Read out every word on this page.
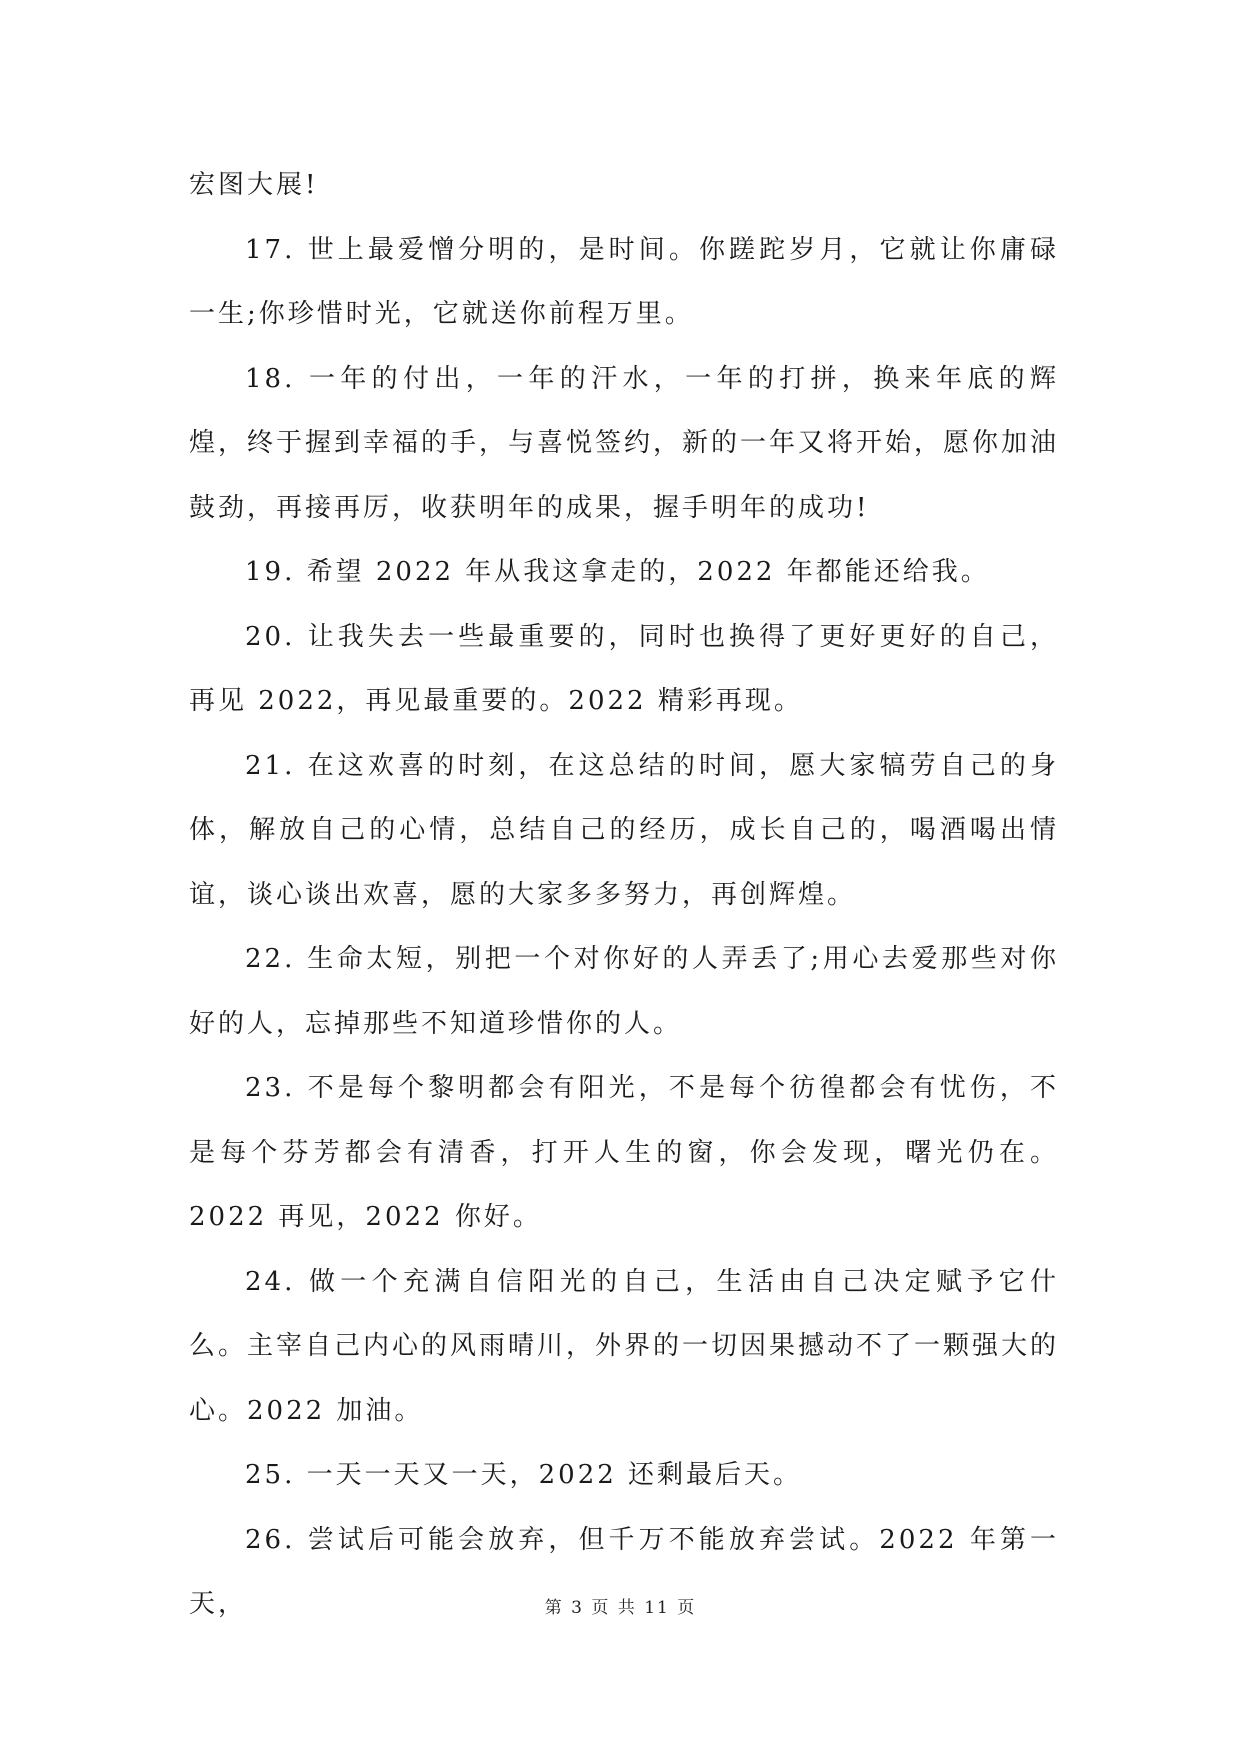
宏图大展!

17. 世上最爱憎分明的，是时间。你蹉跎岁月，它就让你庸碌一生;你珍惜时光，它就送你前程万里。

18. 一年的付出，一年的汗水，一年的打拼，换来年底的辉煌，终于握到幸福的手，与喜悦签约，新的一年又将开始，愿你加油鼓劲，再接再厉，收获明年的成果，握手明年的成功!

19. 希望 2022 年从我这拿走的，2022 年都能还给我。

20. 让我失去一些最重要的，同时也换得了更好更好的自己，再见 2022，再见最重要的。2022 精彩再现。

21. 在这欢喜的时刻，在这总结的时间，愿大家犒劳自己的身体，解放自己的心情，总结自己的经历，成长自己的，喝酒喝出情谊，谈心谈出欢喜，愿的大家多多努力，再创辉煌。

22. 生命太短，别把一个对你好的人弄丢了;用心去爱那些对你好的人，忘掉那些不知道珍惜你的人。

23. 不是每个黎明都会有阳光，不是每个彷徨都会有忧伤，不是每个芬芳都会有清香，打开人生的窗，你会发现，曙光仍在。2022 再见，2022 你好。

24. 做一个充满自信阳光的自己，生活由自己决定赋予它什么。主宰自己内心的风雨晴川，外界的一切因果撼动不了一颗强大的心。2022 加油。

25. 一天一天又一天，2022 还剩最后天。

26. 尝试后可能会放弃，但千万不能放弃尝试。2022 年第一天，	第 3 页 共 11 页
